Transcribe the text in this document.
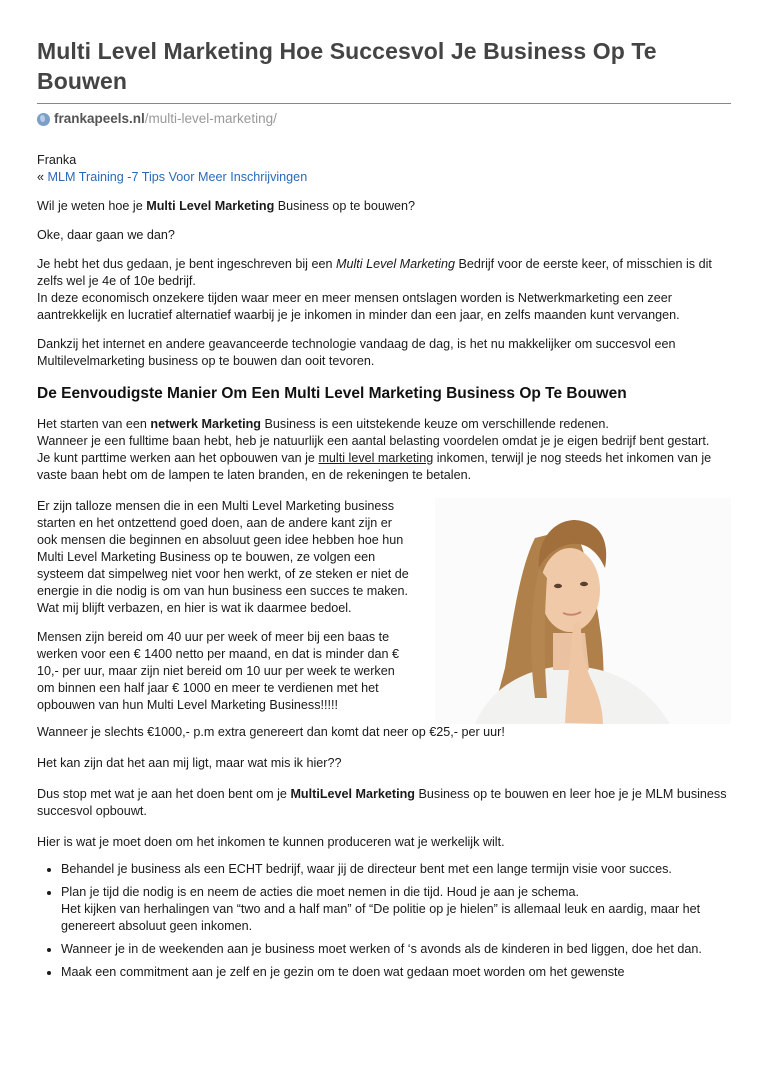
Multi Level Marketing Hoe Succesvol Je Business Op Te Bouwen
frankapeels.nl /multi-level-marketing/

Franka

« MLM Training -7 Tips Voor Meer Inschrijvingen

Wil je weten hoe je Multi Level Marketing Business op te bouwen?

Oke, daar gaan we dan?

Je hebt het dus gedaan, je bent ingeschreven bij een Multi Level Marketing Bedrijf voor de eerste keer, of misschien is dit zelfs wel je 4e of 10e bedrijf.
In deze economisch onzekere tijden waar meer en meer mensen ontslagen worden is Netwerkmarketing een zeer aantrekkelijk en lucratief alternatief waarbij je je inkomen in minder dan een jaar, en zelfs maanden kunt vervangen.

Dankzij het internet en andere geavanceerde technologie vandaag de dag, is het nu makkelijker om succesvol een Multilevelmarketing business op te bouwen dan ooit tevoren.

De Eenvoudigste Manier Om Een Multi Level Marketing Business Op Te Bouwen

Het starten van een netwerk Marketing Business is een uitstekende keuze om verschillende redenen.
Wanneer je een fulltime baan hebt, heb je natuurlijk een aantal belasting voordelen omdat je je eigen bedrijf bent gestart.
Je kunt parttime werken aan het opbouwen van je multi level marketing inkomen, terwijl je nog steeds het inkomen van je vaste baan hebt om de lampen te laten branden, en de rekeningen te betalen.

Er zijn talloze mensen die in een Multi Level Marketing business starten en het ontzettend goed doen, aan de andere kant zijn er ook mensen die beginnen en absoluut geen idee hebben hoe hun Multi Level Marketing Business op te bouwen, ze volgen een systeem dat simpelweg niet voor hen werkt, of ze steken er niet de energie in die nodig is om van hun business een succes te maken. Wat mij blijft verbazen, en hier is wat ik daarmee bedoel.

Mensen zijn bereid om 40 uur per week of meer bij een baas te werken voor een € 1400 netto per maand, en dat is minder dan € 10,- per uur, maar zijn niet bereid om 10 uur per week te werken om binnen een half jaar € 1000 en meer te verdienen met het opbouwen van hun Multi Level Marketing Business!!!!!

Wanneer je slechts €1000,- p.m extra genereert dan komt dat neer op €25,- per uur!

Het kan zijn dat het aan mij ligt, maar wat mis ik hier??

Dus stop met wat je aan het doen bent om je MultiLevel Marketing Business op te bouwen en leer hoe je je MLM business succesvol opbouwt.

Hier is wat je moet doen om het inkomen te kunnen produceren wat je werkelijk wilt.

• Behandel je business als een ECHT bedrijf, waar jij de directeur bent met een lange termijn visie voor succes.
• Plan je tijd die nodig is en neem de acties die moet nemen in die tijd. Houd je aan je schema.
Het kijken van herhalingen van “two and a half man” of “De politie op je hielen” is allemaal leuk en aardig, maar het genereert absoluut geen inkomen.
• Wanneer je in de weekenden aan je business moet werken of ‘s avonds als de kinderen in bed liggen, doe het dan.
• Maak een commitment aan je zelf en je gezin om te doen wat gedaan moet worden om het gewenste
